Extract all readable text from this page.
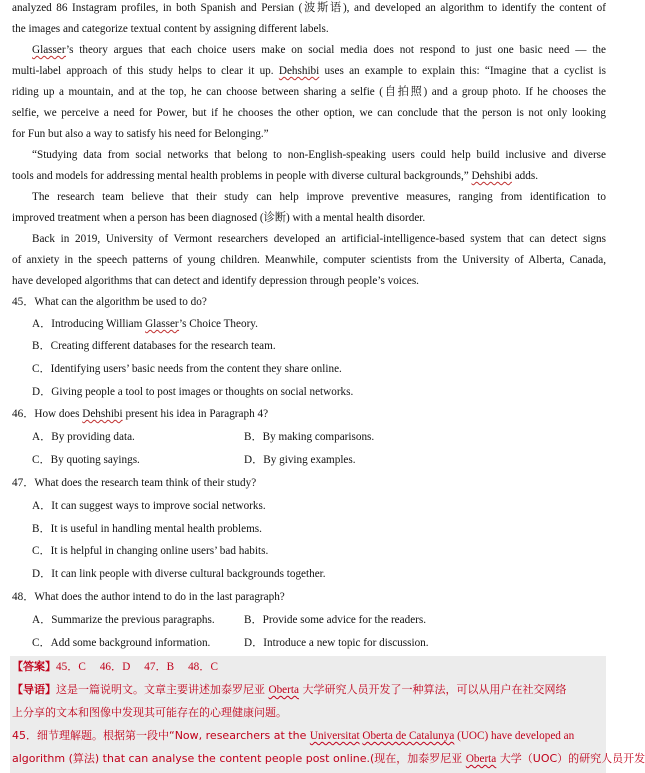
analyzed 86 Instagram profiles, in both Spanish and Persian (波斯语), and developed an algorithm to identify the content of
the images and categorize textual content by assigning different labels.
Glasser’s theory argues that each choice users make on social media does not respond to just one basic need — the
multi-label approach of this study helps to clear it up. Dehshibi uses an example to explain this: “Imagine that a cyclist is
riding up a mountain, and at the top, he can choose between sharing a selfie (自拍照) and a group photo. If he chooses the
selfie, we perceive a need for Power, but if he chooses the other option, we can conclude that the person is not only looking
for Fun but also a way to satisfy his need for Belonging.”
“Studying data from social networks that belong to non-English-speaking users could help build inclusive and diverse
tools and models for addressing mental health problems in people with diverse cultural backgrounds,” Dehshibi adds.
The research team believe that their study can help improve preventive measures, ranging from identification to
improved treatment when a person has been diagnosed (诊断) with a mental health disorder.
Back in 2019, University of Vermont researchers developed an artificial-intelligence-based system that can detect signs
of anxiety in the speech patterns of young children. Meanwhile, computer scientists from the University of Alberta, Canada,
have developed algorithms that can detect and identify depression through people’s voices.
45．What can the algorithm be used to do?
A．Introducing William Glasser’s Choice Theory.
B．Creating different databases for the research team.
C．Identifying users’ basic needs from the content they share online.
D．Giving people a tool to post images or thoughts on social networks.
46．How does Dehshibi present his idea in Paragraph 4?
A．By providing data.	B．By making comparisons.
C．By quoting sayings.	D．By giving examples.
47．What does the research team think of their study?
A．It can suggest ways to improve social networks.
B．It is useful in handling mental health problems.
C．It is helpful in changing online users’ bad habits.
D．It can link people with diverse cultural backgrounds together.
48．What does the author intend to do in the last paragraph?
A．Summarize the previous paragraphs.	B．Provide some advice for the readers.
C．Add some background information.	D．Introduce a new topic for discussion.
【答案】45．C　 46．D　 47．B　 48．C
【导语】这是一篇说明文。文章主要讲述加泰罗尼亚 Oberta 大学研究人员开发了一种算法，可以从用户在社交网络
上分享的文本和图像中发现其可能存在的心理健康问题。
45．细节理解题。根据第一段中“Now, researchers at the Universitat Oberta de Catalunya (UOC) have developed an
algorithm (算法) that can analyse the content people post online.(现在，加泰罗尼亚 Oberta 大学（UOC）的研究人员开发
